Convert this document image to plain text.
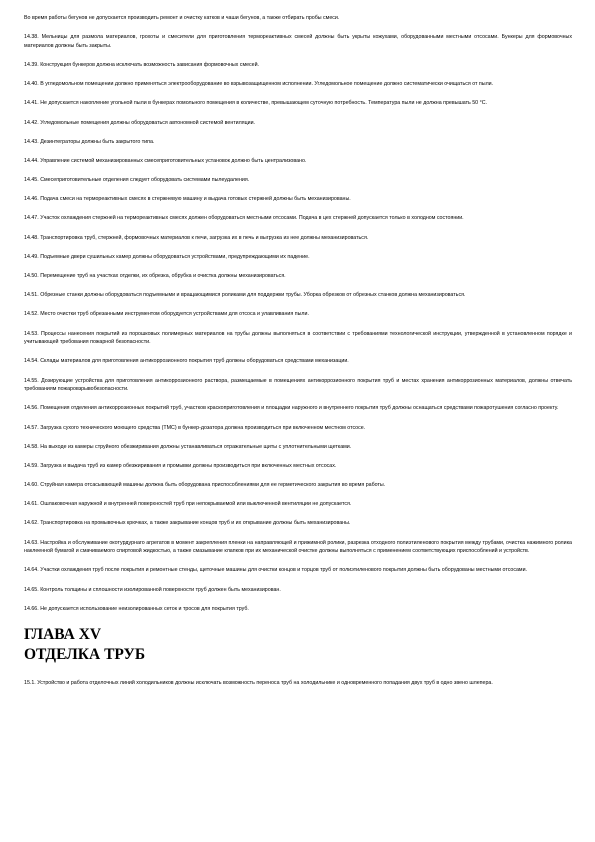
Во время работы бегунов не допускается производить ремонт и очистку катков и чаши бегунов, а также отбирать пробы смеси.

14.38. Мельницы для размола материалов, грохоты и смесители для приготовления термореактивных смесей должны быть укрыты кожухами, оборудованными местными отсосами. Бункеры для формовочных материалов должны быть закрыты.

14.39. Конструкция бункеров должна исключать возможность зависания формовочных смесей.

14.40. В угледомольном помещении должно применяться электрооборудование во взрывозащищенном исполнении. Угледомольное помещение должно систематически очищаться от пыли.

14.41. Не допускается накопление угольной пыли в бункерах помольного помещения в количестве, превышающем суточную потребность. Температура пыли не должна превышать 50 °С.

14.42. Угледомольные помещения должны оборудоваться автономной системой вентиляции.

14.43. Дезинтеграторы должны быть закрытого типа.

14.44. Управление системой механизированных смесеприготовительных установок должно быть централизовано.

14.45. Смесеприготовительные отделения следует оборудовать системами пылеудаления.

14.46. Подача смеси на термореактивных смесях в стержневую машину и выдача готовых стержней должны быть механизированы.

14.47. Участок охлаждения стержней на термореактивных смесях должен оборудоваться местными отсосами. Подача в цех стержней допускается только в холодном состоянии.

14.48. Транспортировка труб, стержней, формовочных материалов к печи, загрузка их в печь и выгрузка из нее должны механизироваться.

14.49. Подъемные двери сушильных камер должны оборудоваться устройствами, предупреждающими их падение.

14.50. Перемещение труб на участках отделки, их обрезка, обрубка и очистка должны механизироваться.

14.51. Обрезные станки должны оборудоваться подъемными и вращающимися роликами для поддержки трубы. Уборка обрезков от обрезных станков должна механизироваться.

14.52. Место очистки труб обрезанными инструментом оборудуется устройствами для отсоса и улавливания пыли.

14.53. Процессы нанесения покрытий из порошковых полимерных материалов на трубы должны выполняться в соответствии с требованиями технологической инструкции, утвержденной в установленном порядке и учитывающей требования пожарной безопасности.

14.54. Склады материалов для приготовления антикоррозионного покрытия труб должны оборудоваться средствами механизации.

14.55. Дозирующие устройства для приготовления антикоррозионного раствора, размещаемые в помещениях антикоррозионного покрытия труб и местах хранения антикоррозионных материалов, должны отвечать требованиям пожаровзрывобезопасности.

14.56. Помещения отделения антикоррозионных покрытий труб, участков краскоприготовления и площадки наружного и внутреннего покрытия труб должны оснащаться средствами пожаротушения согласно проекту.

14.57. Загрузка сухого технического моющего средства (ТМС) в бункер-дозатора должна производиться при включенном местном отсосе.

14.58. На выходе из камеры струйного обезжиривания должны устанавливаться отражательные щиты с уплотнительными щетками.

14.59. Загрузка и выдача труб из камер обезжиривания и промывки должны производиться при включенных местных отсосах.

14.60. Струйная камера отсасывающей машины должна быть оборудована приспособлениями для ее герметического закрытия во время работы.

14.61. Ошлаковочная наружной и внутренней поверхностей труб при непокрываемой или выключенной вентиляции не допускается.

14.62. Транспортировка на промывочных крючках, а также закрывание концов труб и их открывание должны быть механизированы.

14.63. Настройка и обслуживание окотурдурнаго агрегатов в момент закрепления пленки на направляющей и прижимной ролики, разрезка отходного полиэтиленового покрытия между трубами, очистка нажимного ролика наклеенной бумагой и смачиваемого спиртовой жидкостью, а также смазывание клапков при их механической очистке должны выполняться с применением соответствующих приспособлений и устройств.

14.64. Участки охлаждения труб после покрытия и ремонтные стенды, щеточные машины для очистки концов и торцов труб от полиэтиленового покрытия должны быть оборудованы местными отсосами.

14.65. Контроль толщины и сплошности изолированной поверхности труб должен быть механизирован.

14.66. Не допускается использование неизолированных сеток и тросов для покрытия труб.

ГЛАВА XV
ОТДЕЛКА ТРУБ

15.1. Устройство и работа отделочных линий холодильников должны исключать возможность переноса труб на холодильнике и одновременного попадания двух труб в одно звено шлепера.
